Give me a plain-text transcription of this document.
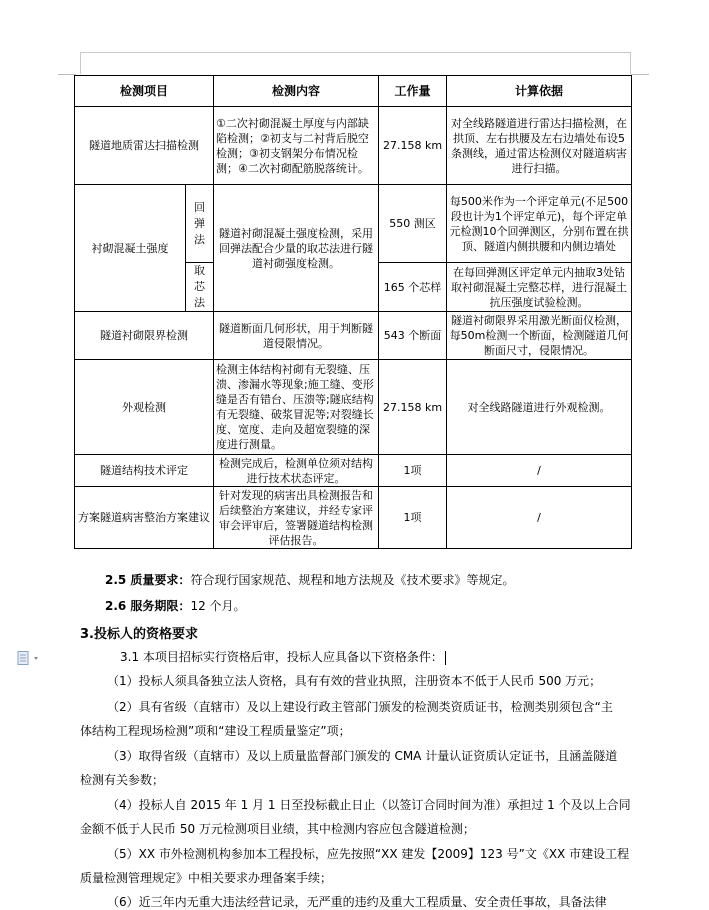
检测项目		检测内容	工作量	计算依据
隧道地质雷达扫描检测		①二次衬砌混凝土厚度与内部缺陷检测；②初支与二衬背后脱空检测；③初支钢架分布情况检测；④二次衬砌配筋脱落统计。	27.158 km	对全线路隧道进行雷达扫描检测，在拱顶、左右拱腰及左右边墙处布设5条测线，通过雷达检测仪对隧道病害进行扫描。
衬砌混凝土强度	回弹法	隧道衬砌混凝土强度检测，采用回弹法配合少量的取芯法进行隧道衬砌强度检测。	550 测区	每500米作为一个评定单元(不足500段也计为1个评定单元)，每个评定单元检测10个回弹测区，分别布置在拱顶、隧道内侧拱腰和内侧边墙处

	取芯法		165 个芯样	在每回弹测区评定单元内抽取3处钻取衬砌混凝土完整芯样，进行混凝土抗压强度试验检测。
隧道衬砌限界检测		隧道断面几何形状，用于判断隧道侵限情况。	543 个断面	隧道衬砌限界采用激光断面仪检测，每50m检测一个断面，检测隧道几何断面尺寸，侵限情况。
外观检测		检测主体结构衬砌有无裂缝、压溃、渗漏水等现象;施工缝、变形缝是否有错台、压溃等;隧底结构有无裂缝、破浆冒泥等;对裂缝长度、宽度、走向及超宽裂缝的深度进行测量。	27.158 km	对全线路隧道进行外观检测。
隧道结构技术评定		检测完成后，检测单位须对结构进行技术状态评定。	1项	/
方案隧道病害整治方案建议		针对发现的病害出具检测报告和后续整治方案建议，并经专家评审会评审后，签署隧道结构检测评估报告。	1项	/
2.5 质量要求：符合现行国家规范、规程和地方法规及《技术要求》等规定。
2.6 服务期限：12 个月。
3.投标人的资格要求
3.1 本项目招标实行资格后审，投标人应具备以下资格条件：
（1）投标人须具备独立法人资格，具有有效的营业执照，注册资本不低于人民币 500 万元；
（2）具有省级（直辖市）及以上建设行政主管部门颁发的检测类资质证书，检测类别须包含“主
体结构工程现场检测”项和“建设工程质量鉴定”项；
（3）取得省级（直辖市）及以上质量监督部门颁发的 CMA 计量认证资质认定证书，且涵盖隧道
检测有关参数；
（4）投标人自 2015 年 1 月 1 日至投标截止日止（以签订合同时间为准）承担过 1 个及以上合同
金额不低于人民币 50 万元检测项目业绩，其中检测内容应包含隧道检测；
（5）XX 市外检测机构参加本工程投标，应先按照“XX 建发【2009】123 号”文《XX 市建设工程
质量检测管理规定》中相关要求办理备案手续；
（6）近三年内无重大违法经营记录，无严重的违约及重大工程质量、安全责任事故，具备法律
